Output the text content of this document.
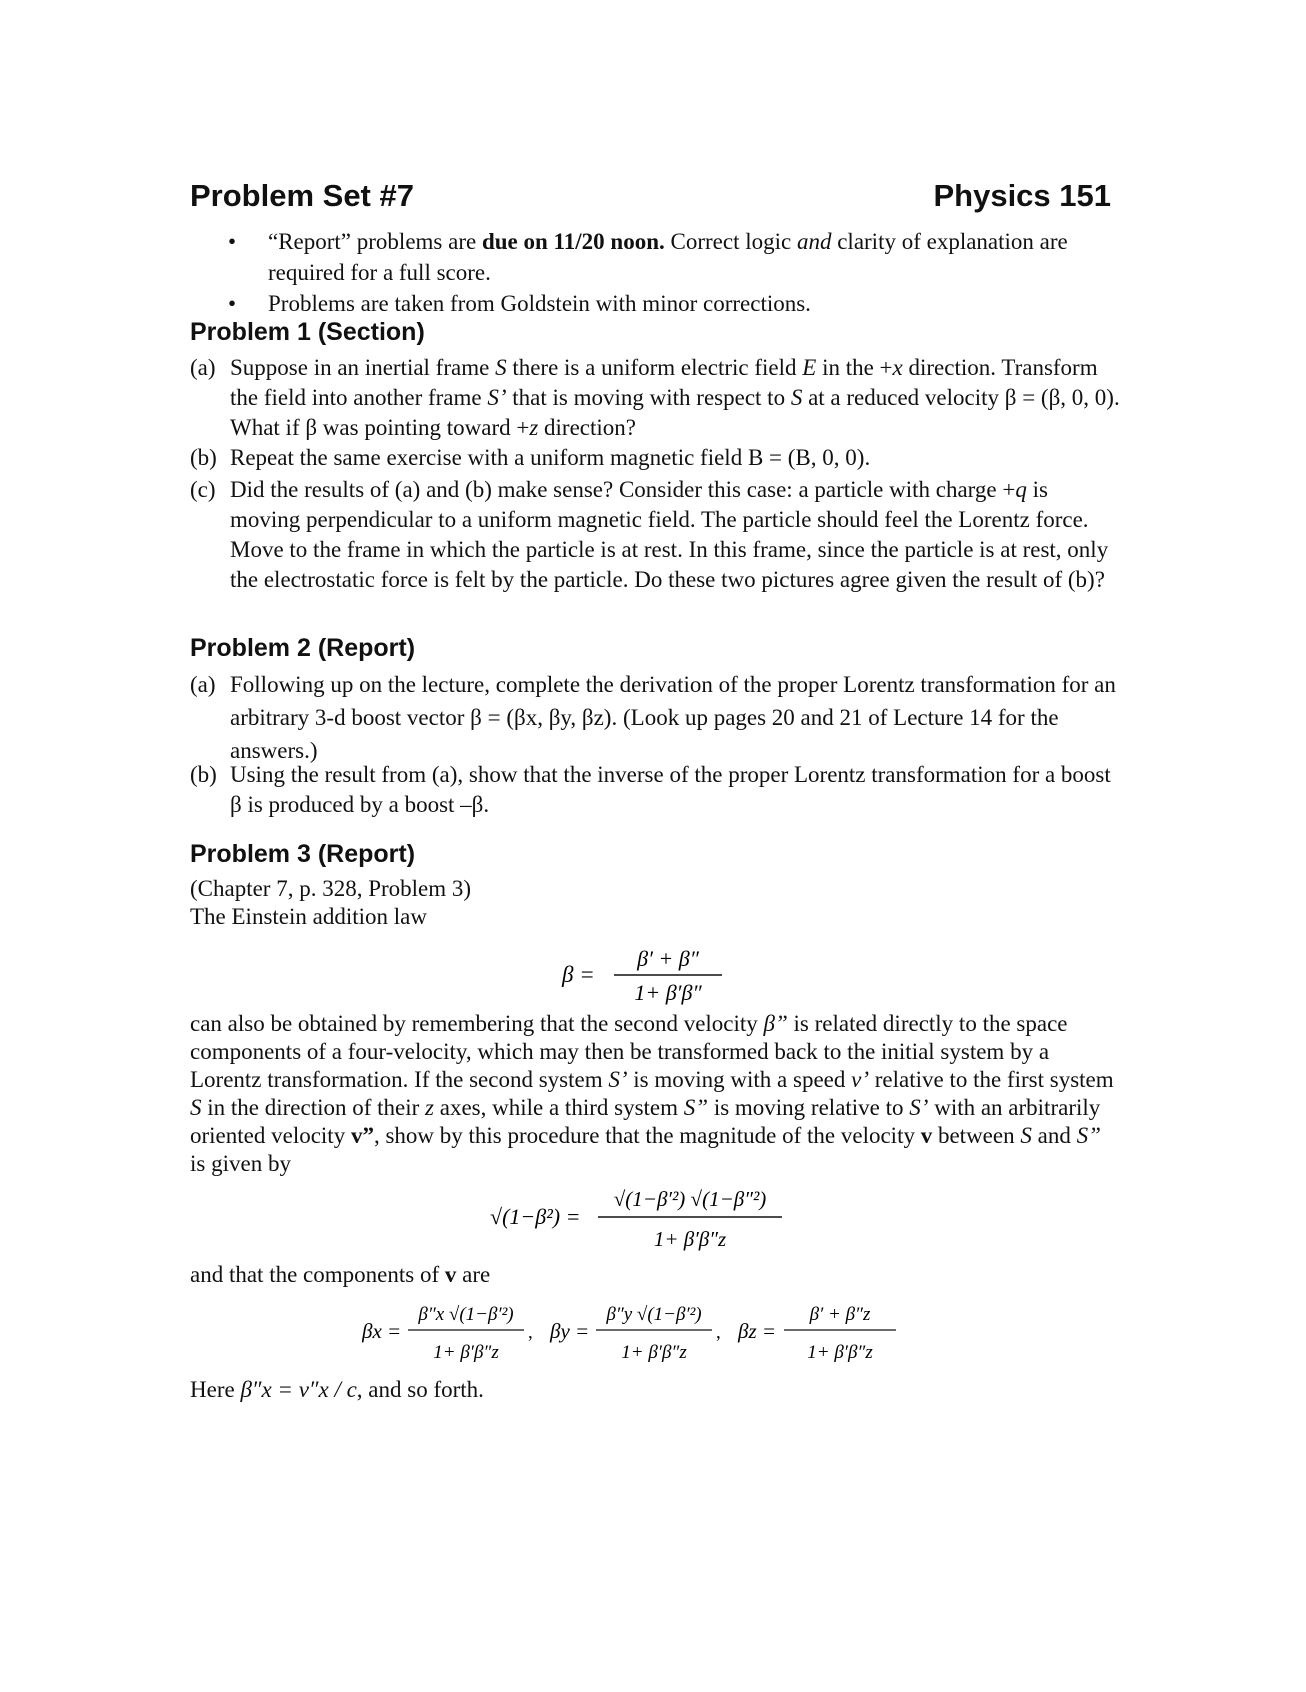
Problem Set #7	Physics 151
• “Report” problems are due on 11/20 noon. Correct logic and clarity of explanation are required for a full score.
• Problems are taken from Goldstein with minor corrections.
Problem 1 (Section)
(a) Suppose in an inertial frame S there is a uniform electric field E in the +x direction. Transform the field into another frame S’ that is moving with respect to S at a reduced velocity β = (β, 0, 0). What if β was pointing toward +z direction?
(b) Repeat the same exercise with a uniform magnetic field B = (B, 0, 0).
(c) Did the results of (a) and (b) make sense? Consider this case: a particle with charge +q is moving perpendicular to a uniform magnetic field. The particle should feel the Lorentz force. Move to the frame in which the particle is at rest. In this frame, since the particle is at rest, only the electrostatic force is felt by the particle. Do these two pictures agree given the result of (b)?
Problem 2 (Report)
(a) Following up on the lecture, complete the derivation of the proper Lorentz transformation for an arbitrary 3-d boost vector β = (βx, βy, βz). (Look up pages 20 and 21 of Lecture 14 for the answers.)
(b) Using the result from (a), show that the inverse of the proper Lorentz transformation for a boost β is produced by a boost –β.
Problem 3 (Report)
(Chapter 7, p. 328, Problem 3)
The Einstein addition law
β =
β′ + β″
1+ β′β″
can also be obtained by remembering that the second velocity β” is related directly to the space components of a four-velocity, which may then be transformed back to the initial system by a Lorentz transformation. If the second system S’ is moving with a speed v’ relative to the first system S in the direction of their z axes, while a third system S” is moving relative to S’ with an arbitrarily oriented velocity v”, show by this procedure that the magnitude of the velocity v between S and S” is given by
√(1−β²) =
√(1−β′²) √(1−β″²)
1+ β′β″z
and that the components of v are
βx =
β″x √(1−β′²)
1+ β′β″z
, βy =
β″y √(1−β′²)
1+ β′β″z
, βz =
β′ + β″z
1+ β′β″z
Here β″x = v″x / c, and so forth.
